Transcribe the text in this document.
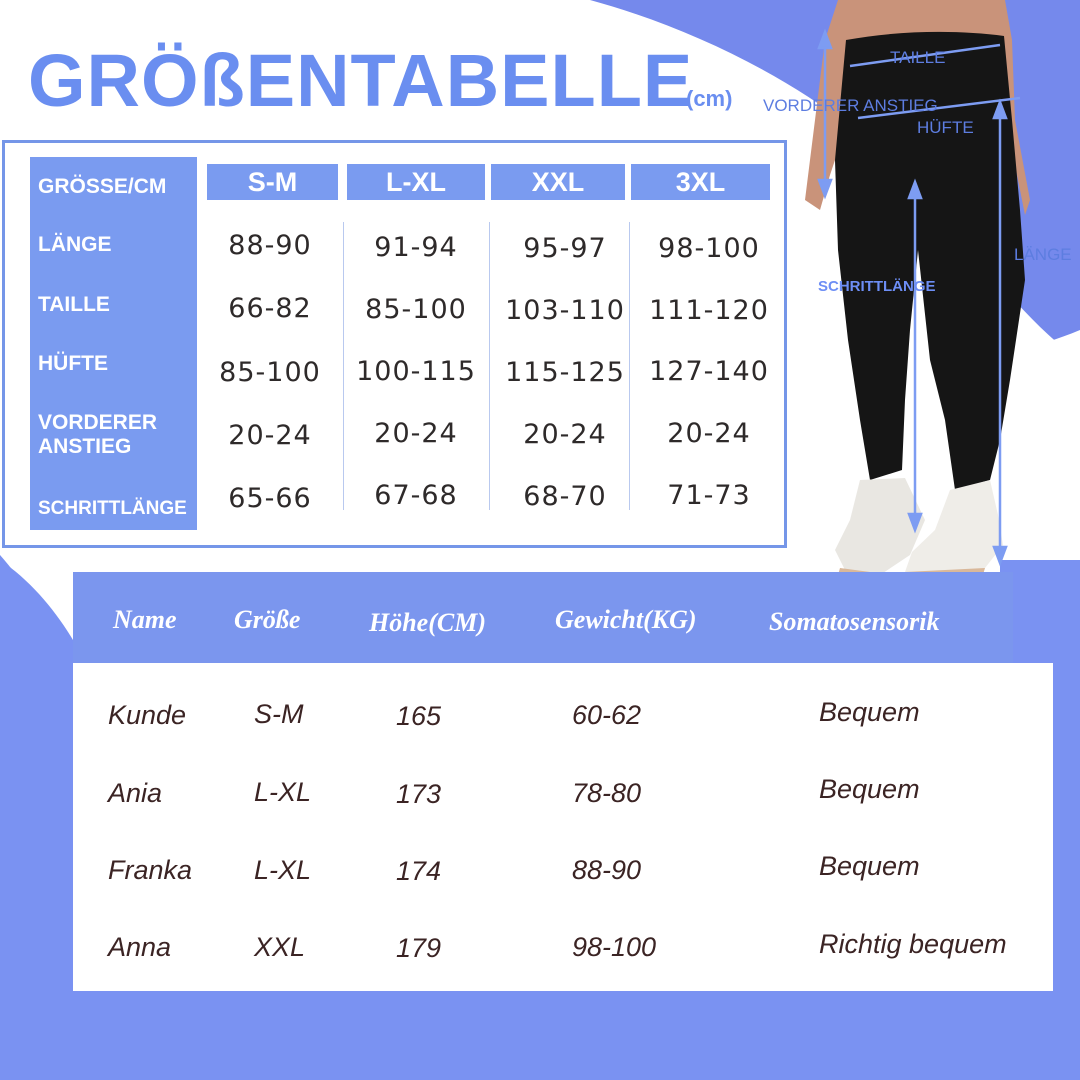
GRÖßENTABELLE
(cm)
TAILLE
VORDERER ANSTIEG
HÜFTE
LÄNGE
SCHRITTLÄNGE
GRÖSSE/CM
LÄNGE
TAILLE
HÜFTE
VORDERER
ANSTIEG
SCHRITTLÄNGE
S-M	L-XL	XXL	3XL
88-90	91-94	95-97	98-100
66-82	85-100	103-110 111-120
85-100	100-115	115-125 127-140
20-24	20-24	20-24	20-24
65-66	67-68	68-70	71-73
Name Größe	Höhe(CM)	Gewicht(KG)	Somatosensorik
Kunde	S-M	165	60-62	Bequem
Ania	L-XL	173	78-80	Bequem
Franka L-XL	174	88-90	Bequem
Anna	XXL	179	98-100	Richtig bequem
